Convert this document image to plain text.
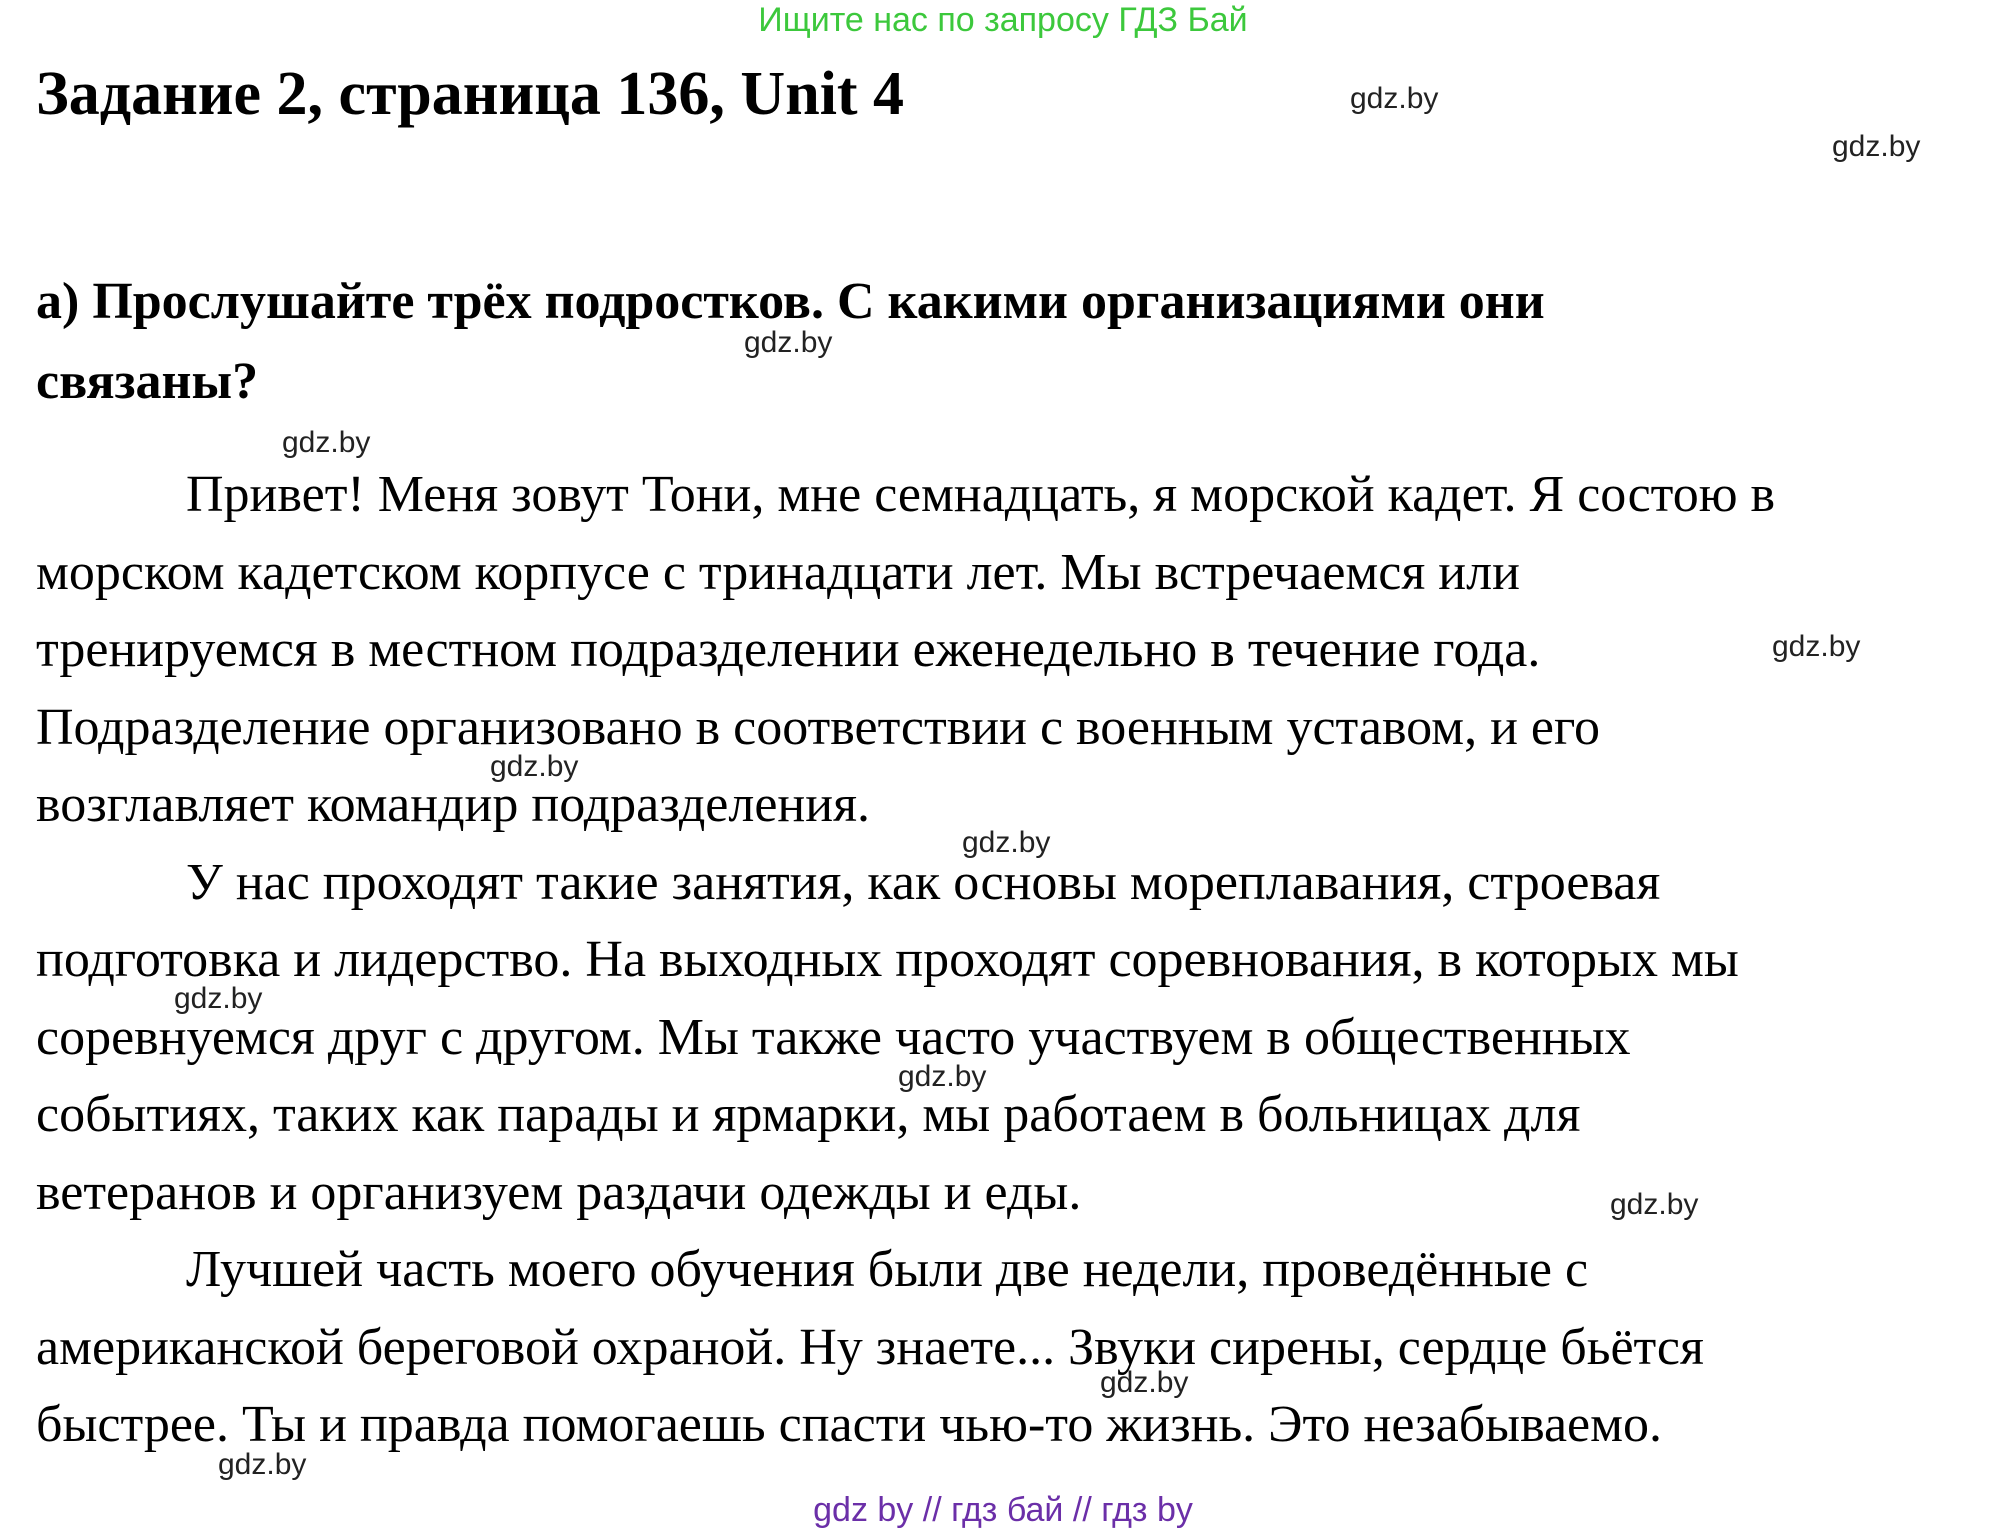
Ищите нас по запросу ГДЗ Бай
Задание 2, страница 136, Unit 4
а) Прослушайте трёх подростков. С какими организациями они
связаны?

Привет! Меня зовут Тони, мне семнадцать, я морской кадет. Я состою в
морском кадетском корпусе с тринадцати лет. Мы встречаемся или
тренируемся в местном подразделении еженедельно в течение года.
Подразделение организовано в соответствии с военным уставом, и его
возглавляет командир подразделения.

У нас проходят такие занятия, как основы мореплавания, строевая
подготовка и лидерство. На выходных проходят соревнования, в которых мы
соревнуемся друг с другом. Мы также часто участвуем в общественных
событиях, таких как парады и ярмарки, мы работаем в больницах для
ветеранов и организуем раздачи одежды и еды.

Лучшей часть моего обучения были две недели, проведённые с
американской береговой охраной. Ну знаете... Звуки сирены, сердце бьётся
быстрее. Ты и правда помогаешь спасти чью-то жизнь. Это незабываемо.

gdz.by
gdz.by
gdz.by
gdz.by
gdz.by
gdz.by
gdz.by
gdz.by
gdz.by
gdz.by
gdz.by
gdz.by
gdz by // гдз бай // гдз by
